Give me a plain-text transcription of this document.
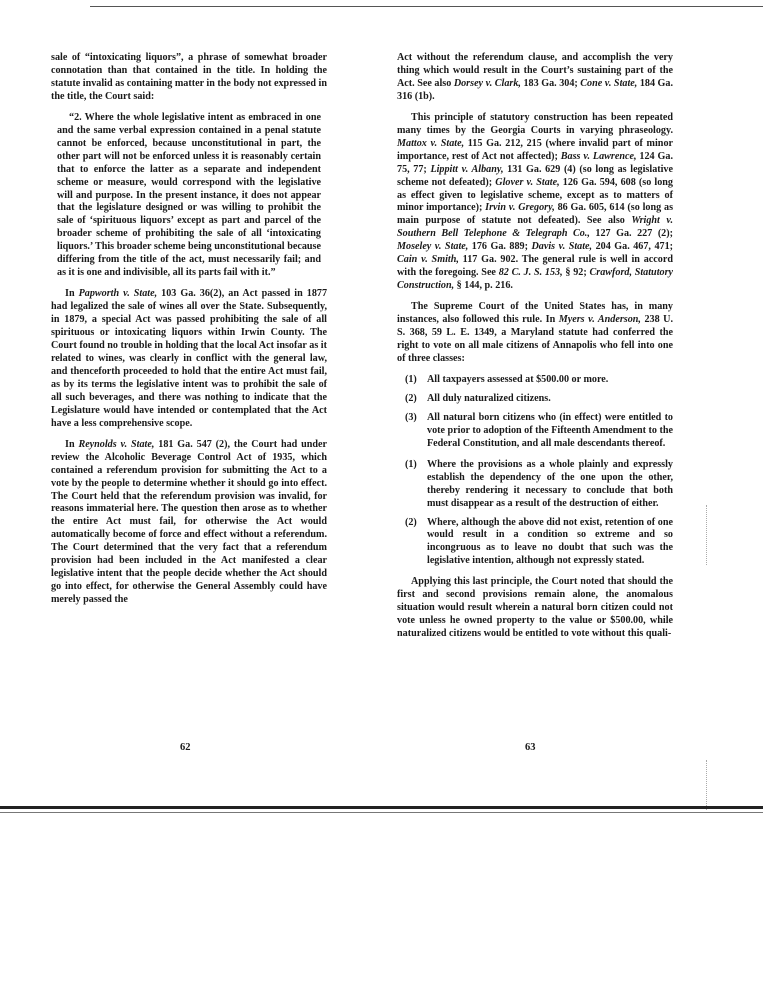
sale of “intoxicating liquors”, a phrase of somewhat broader connotation than that contained in the title. In holding the statute invalid as containing matter in the body not expressed in the title, the Court said:

“2. Where the whole legislative intent as embraced in one and the same verbal expression contained in a penal statute cannot be enforced, because unconstitutional in part, the other part will not be enforced unless it is reasonably certain that to enforce the latter as a separate and independent scheme or measure, would correspond with the legislative will and purpose. In the present instance, it does not appear that the legislature designed or was willing to prohibit the sale of ‘spirituous liquors’ except as part and parcel of the broader scheme of prohibiting the sale of all ‘intoxicating liquors.’ This broader scheme being unconstitutional because differing from the title of the act, must necessarily fail; and as it is one and indivisible, all its parts fail with it.”

In Papworth v. State, 103 Ga. 36(2), an Act passed in 1877 had legalized the sale of wines all over the State. Subsequently, in 1879, a special Act was passed prohibiting the sale of all spirituous or intoxicating liquors within Irwin County. The Court found no trouble in holding that the local Act insofar as it related to wines, was clearly in conflict with the general law, and thenceforth proceeded to hold that the entire Act must fail, as by its terms the legislative intent was to prohibit the sale of all such beverages, and there was nothing to indicate that the Legislature would have intended or contemplated that the Act have a less comprehensive scope.

In Reynolds v. State, 181 Ga. 547 (2), the Court had under review the Alcoholic Beverage Control Act of 1935, which contained a referendum provision for submitting the Act to a vote by the people to determine whether it should go into effect. The Court held that the referendum provision was invalid, for reasons immaterial here. The question then arose as to whether the entire Act must fail, for otherwise the Act would automatically become of force and effect without a referendum. The Court determined that the very fact that a referendum provision had been included in the Act manifested a clear legislative intent that the people decide whether the Act should go into effect, for otherwise the General Assembly could have merely passed the

62

Act without the referendum clause, and accomplish the very thing which would result in the Court’s sustaining part of the Act. See also Dorsey v. Clark, 183 Ga. 304; Cone v. State, 184 Ga. 316 (1b).

This principle of statutory construction has been repeated many times by the Georgia Courts in varying phraseology. Mattox v. State, 115 Ga. 212, 215 (where invalid part of minor importance, rest of Act not affected); Bass v. Lawrence, 124 Ga. 75, 77; Lippitt v. Albany, 131 Ga. 629 (4) (so long as legislative scheme not defeated); Glover v. State, 126 Ga. 594, 608 (so long as effect given to legislative scheme, except as to matters of minor importance); Irvin v. Gregory, 86 Ga. 605, 614 (so long as main purpose of statute not defeated). See also Wright v. Southern Bell Telephone & Telegraph Co., 127 Ga. 227 (2); Moseley v. State, 176 Ga. 889; Davis v. State, 204 Ga. 467, 471; Cain v. Smith, 117 Ga. 902. The general rule is well in accord with the foregoing. See 82 C. J. S. 153, § 92; Crawford, Statutory Construction, § 144, p. 216.

The Supreme Court of the United States has, in many instances, also followed this rule. In Myers v. Anderson, 238 U. S. 368, 59 L. E. 1349, a Maryland statute had conferred the right to vote on all male citizens of Annapolis who fell into one of three classes:

(1)	All taxpayers assessed at $500.00 or more.
(2)	All duly naturalized citizens.
(3)	All natural born citizens who (in effect) were entitled to vote prior to adoption of the Fifteenth Amendment to the Federal Constitution, and all male descendants thereof.
(1)	Where the provisions as a whole plainly and expressly establish the dependency of the one upon the other, thereby rendering it necessary to conclude that both must disappear as a result of the destruction of either.
(2)	Where, although the above did not exist, retention of one would result in a condition so extreme and so incongruous as to leave no doubt that such was the legislative intention, although not expressly stated.

Applying this last principle, the Court noted that should the first and second provisions remain alone, the anomalous situation would result wherein a natural born citizen could not vote unless he owned property to the value or $500.00, while naturalized citizens would be entitled to vote without this quali-

63
